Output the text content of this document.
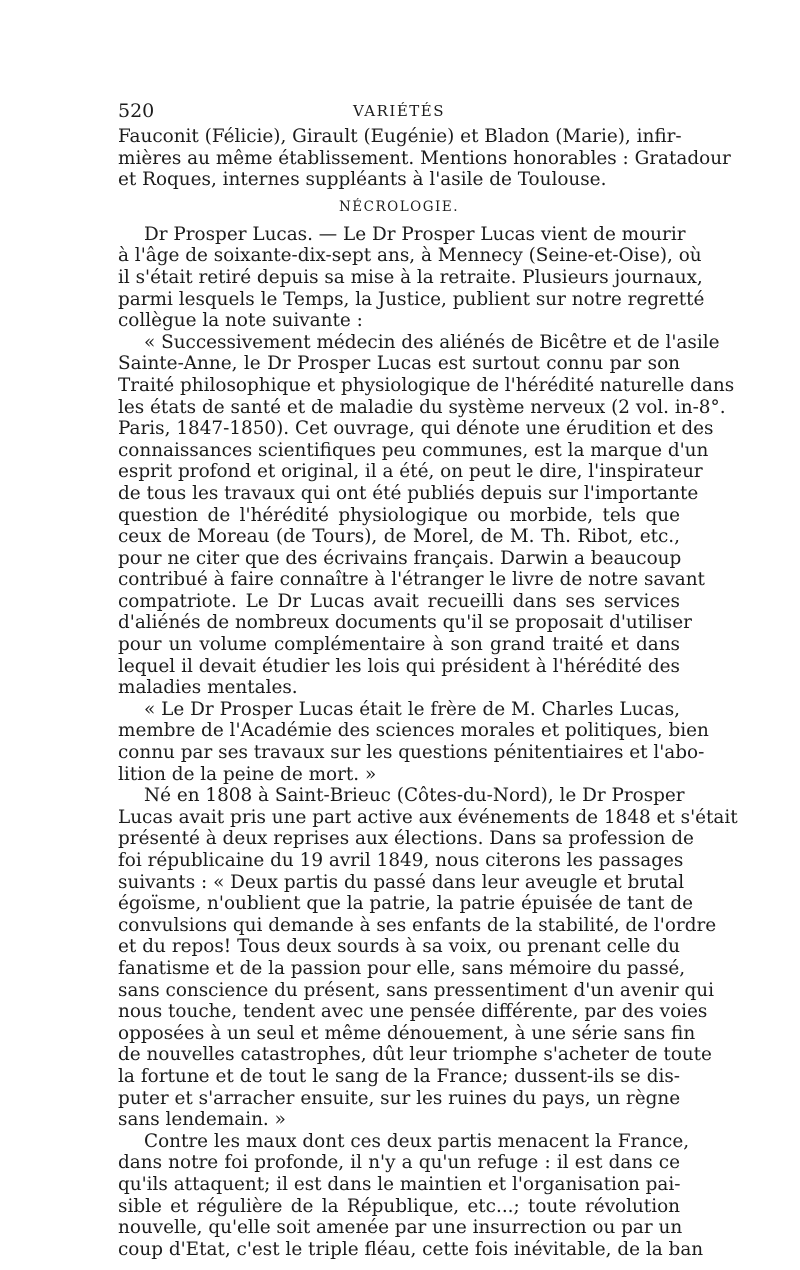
520	VARIÉTÉS
Fauconit (Félicie), Girault (Eugénie) et Bladon (Marie), infir-
mières au même établissement. Mentions honorables : Gratadour
et Roques, internes suppléants à l'asile de Toulouse.
NÉCROLOGIE.
Dr Prosper Lucas. — Le Dr Prosper Lucas vient de mourir
à l'âge de soixante-dix-sept ans, à Mennecy (Seine-et-Oise), où
il s'était retiré depuis sa mise à la retraite. Plusieurs journaux,
parmi lesquels le Temps, la Justice, publient sur notre regretté
collègue la note suivante :
« Successivement médecin des aliénés de Bicêtre et de l'asile
Sainte-Anne, le Dr Prosper Lucas est surtout connu par son
Traité philosophique et physiologique de l'hérédité naturelle dans
les états de santé et de maladie du système nerveux (2 vol. in-8°.
Paris, 1847-1850). Cet ouvrage, qui dénote une érudition et des
connaissances scientifiques peu communes, est la marque d'un
esprit profond et original, il a été, on peut le dire, l'inspirateur
de tous les travaux qui ont été publiés depuis sur l'importante
question de l'hérédité physiologique ou morbide, tels que
ceux de Moreau (de Tours), de Morel, de M. Th. Ribot, etc.,
pour ne citer que des écrivains français. Darwin a beaucoup
contribué à faire connaître à l'étranger le livre de notre savant
compatriote. Le Dr Lucas avait recueilli dans ses services
d'aliénés de nombreux documents qu'il se proposait d'utiliser
pour un volume complémentaire à son grand traité et dans
lequel il devait étudier les lois qui président à l'hérédité des
maladies mentales.
« Le Dr Prosper Lucas était le frère de M. Charles Lucas,
membre de l'Académie des sciences morales et politiques, bien
connu par ses travaux sur les questions pénitentiaires et l'abo-
lition de la peine de mort. »
Né en 1808 à Saint-Brieuc (Côtes-du-Nord), le Dr Prosper
Lucas avait pris une part active aux événements de 1848 et s'était
présenté à deux reprises aux élections. Dans sa profession de
foi républicaine du 19 avril 1849, nous citerons les passages
suivants : « Deux partis du passé dans leur aveugle et brutal
égoïsme, n'oublient que la patrie, la patrie épuisée de tant de
convulsions qui demande à ses enfants de la stabilité, de l'ordre
et du repos! Tous deux sourds à sa voix, ou prenant celle du
fanatisme et de la passion pour elle, sans mémoire du passé,
sans conscience du présent, sans pressentiment d'un avenir qui
nous touche, tendent avec une pensée différente, par des voies
opposées à un seul et même dénouement, à une série sans fin
de nouvelles catastrophes, dût leur triomphe s'acheter de toute
la fortune et de tout le sang de la France; dussent-ils se dis-
puter et s'arracher ensuite, sur les ruines du pays, un règne
sans lendemain. »
Contre les maux dont ces deux partis menacent la France,
dans notre foi profonde, il n'y a qu'un refuge : il est dans ce
qu'ils attaquent; il est dans le maintien et l'organisation pai-
sible et régulière de la République, etc...; toute révolution
nouvelle, qu'elle soit amenée par une insurrection ou par un
coup d'Etat, c'est le triple fléau, cette fois inévitable, de la ban
